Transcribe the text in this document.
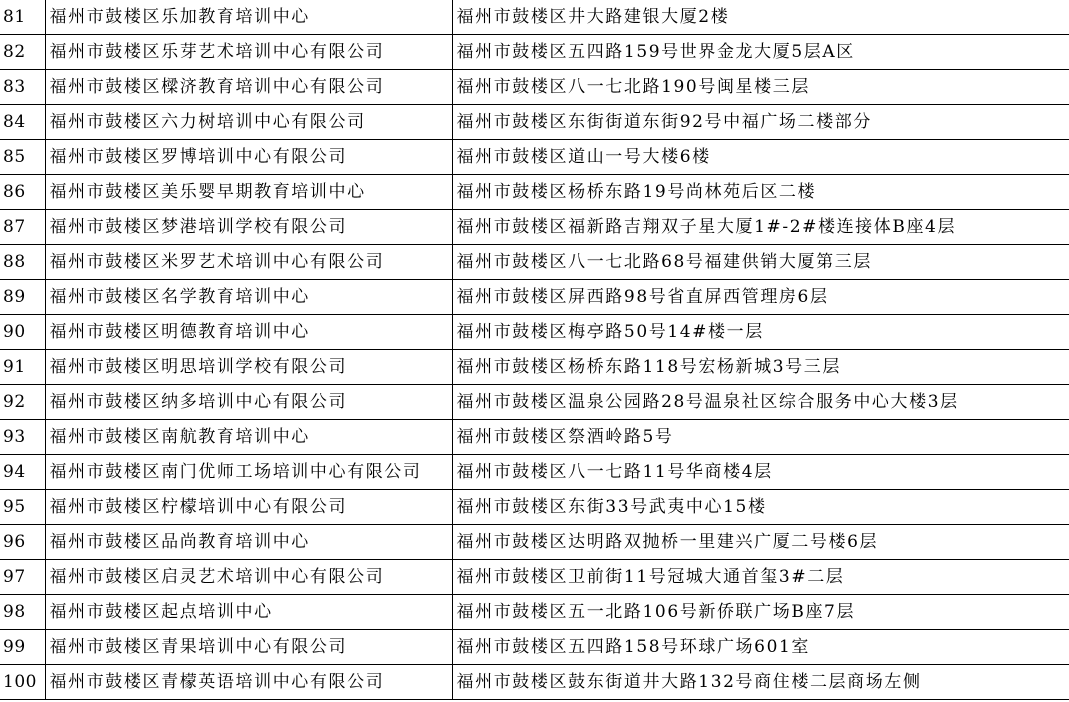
81	福州市鼓楼区乐加教育培训中心	福州市鼓楼区井大路建银大厦2楼
82	福州市鼓楼区乐芽艺术培训中心有限公司	福州市鼓楼区五四路159号世界金龙大厦5层A区
83	福州市鼓楼区樑济教育培训中心有限公司	福州市鼓楼区八一七北路190号闽星楼三层
84	福州市鼓楼区六力树培训中心有限公司	福州市鼓楼区东街街道东街92号中福广场二楼部分
85	福州市鼓楼区罗博培训中心有限公司	福州市鼓楼区道山一号大楼6楼
86	福州市鼓楼区美乐婴早期教育培训中心	福州市鼓楼区杨桥东路19号尚林苑后区二楼
87	福州市鼓楼区梦港培训学校有限公司	福州市鼓楼区福新路吉翔双子星大厦1#-2#楼连接体B座4层
88	福州市鼓楼区米罗艺术培训中心有限公司	福州市鼓楼区八一七北路68号福建供销大厦第三层
89	福州市鼓楼区名学教育培训中心	福州市鼓楼区屏西路98号省直屏西管理房6层
90	福州市鼓楼区明德教育培训中心	福州市鼓楼区梅亭路50号14#楼一层
91	福州市鼓楼区明思培训学校有限公司	福州市鼓楼区杨桥东路118号宏杨新城3号三层
92	福州市鼓楼区纳多培训中心有限公司	福州市鼓楼区温泉公园路28号温泉社区综合服务中心大楼3层
93	福州市鼓楼区南航教育培训中心	福州市鼓楼区祭酒岭路5号
94	福州市鼓楼区南门优师工场培训中心有限公司	福州市鼓楼区八一七路11号华商楼4层
95	福州市鼓楼区柠檬培训中心有限公司	福州市鼓楼区东街33号武夷中心15楼
96	福州市鼓楼区品尚教育培训中心	福州市鼓楼区达明路双抛桥一里建兴广厦二号楼6层
97	福州市鼓楼区启灵艺术培训中心有限公司	福州市鼓楼区卫前街11号冠城大通首玺3#二层
98	福州市鼓楼区起点培训中心	福州市鼓楼区五一北路106号新侨联广场B座7层
99	福州市鼓楼区青果培训中心有限公司	福州市鼓楼区五四路158号环球广场601室
100	福州市鼓楼区青檬英语培训中心有限公司	福州市鼓楼区鼓东街道井大路132号商住楼二层商场左侧
